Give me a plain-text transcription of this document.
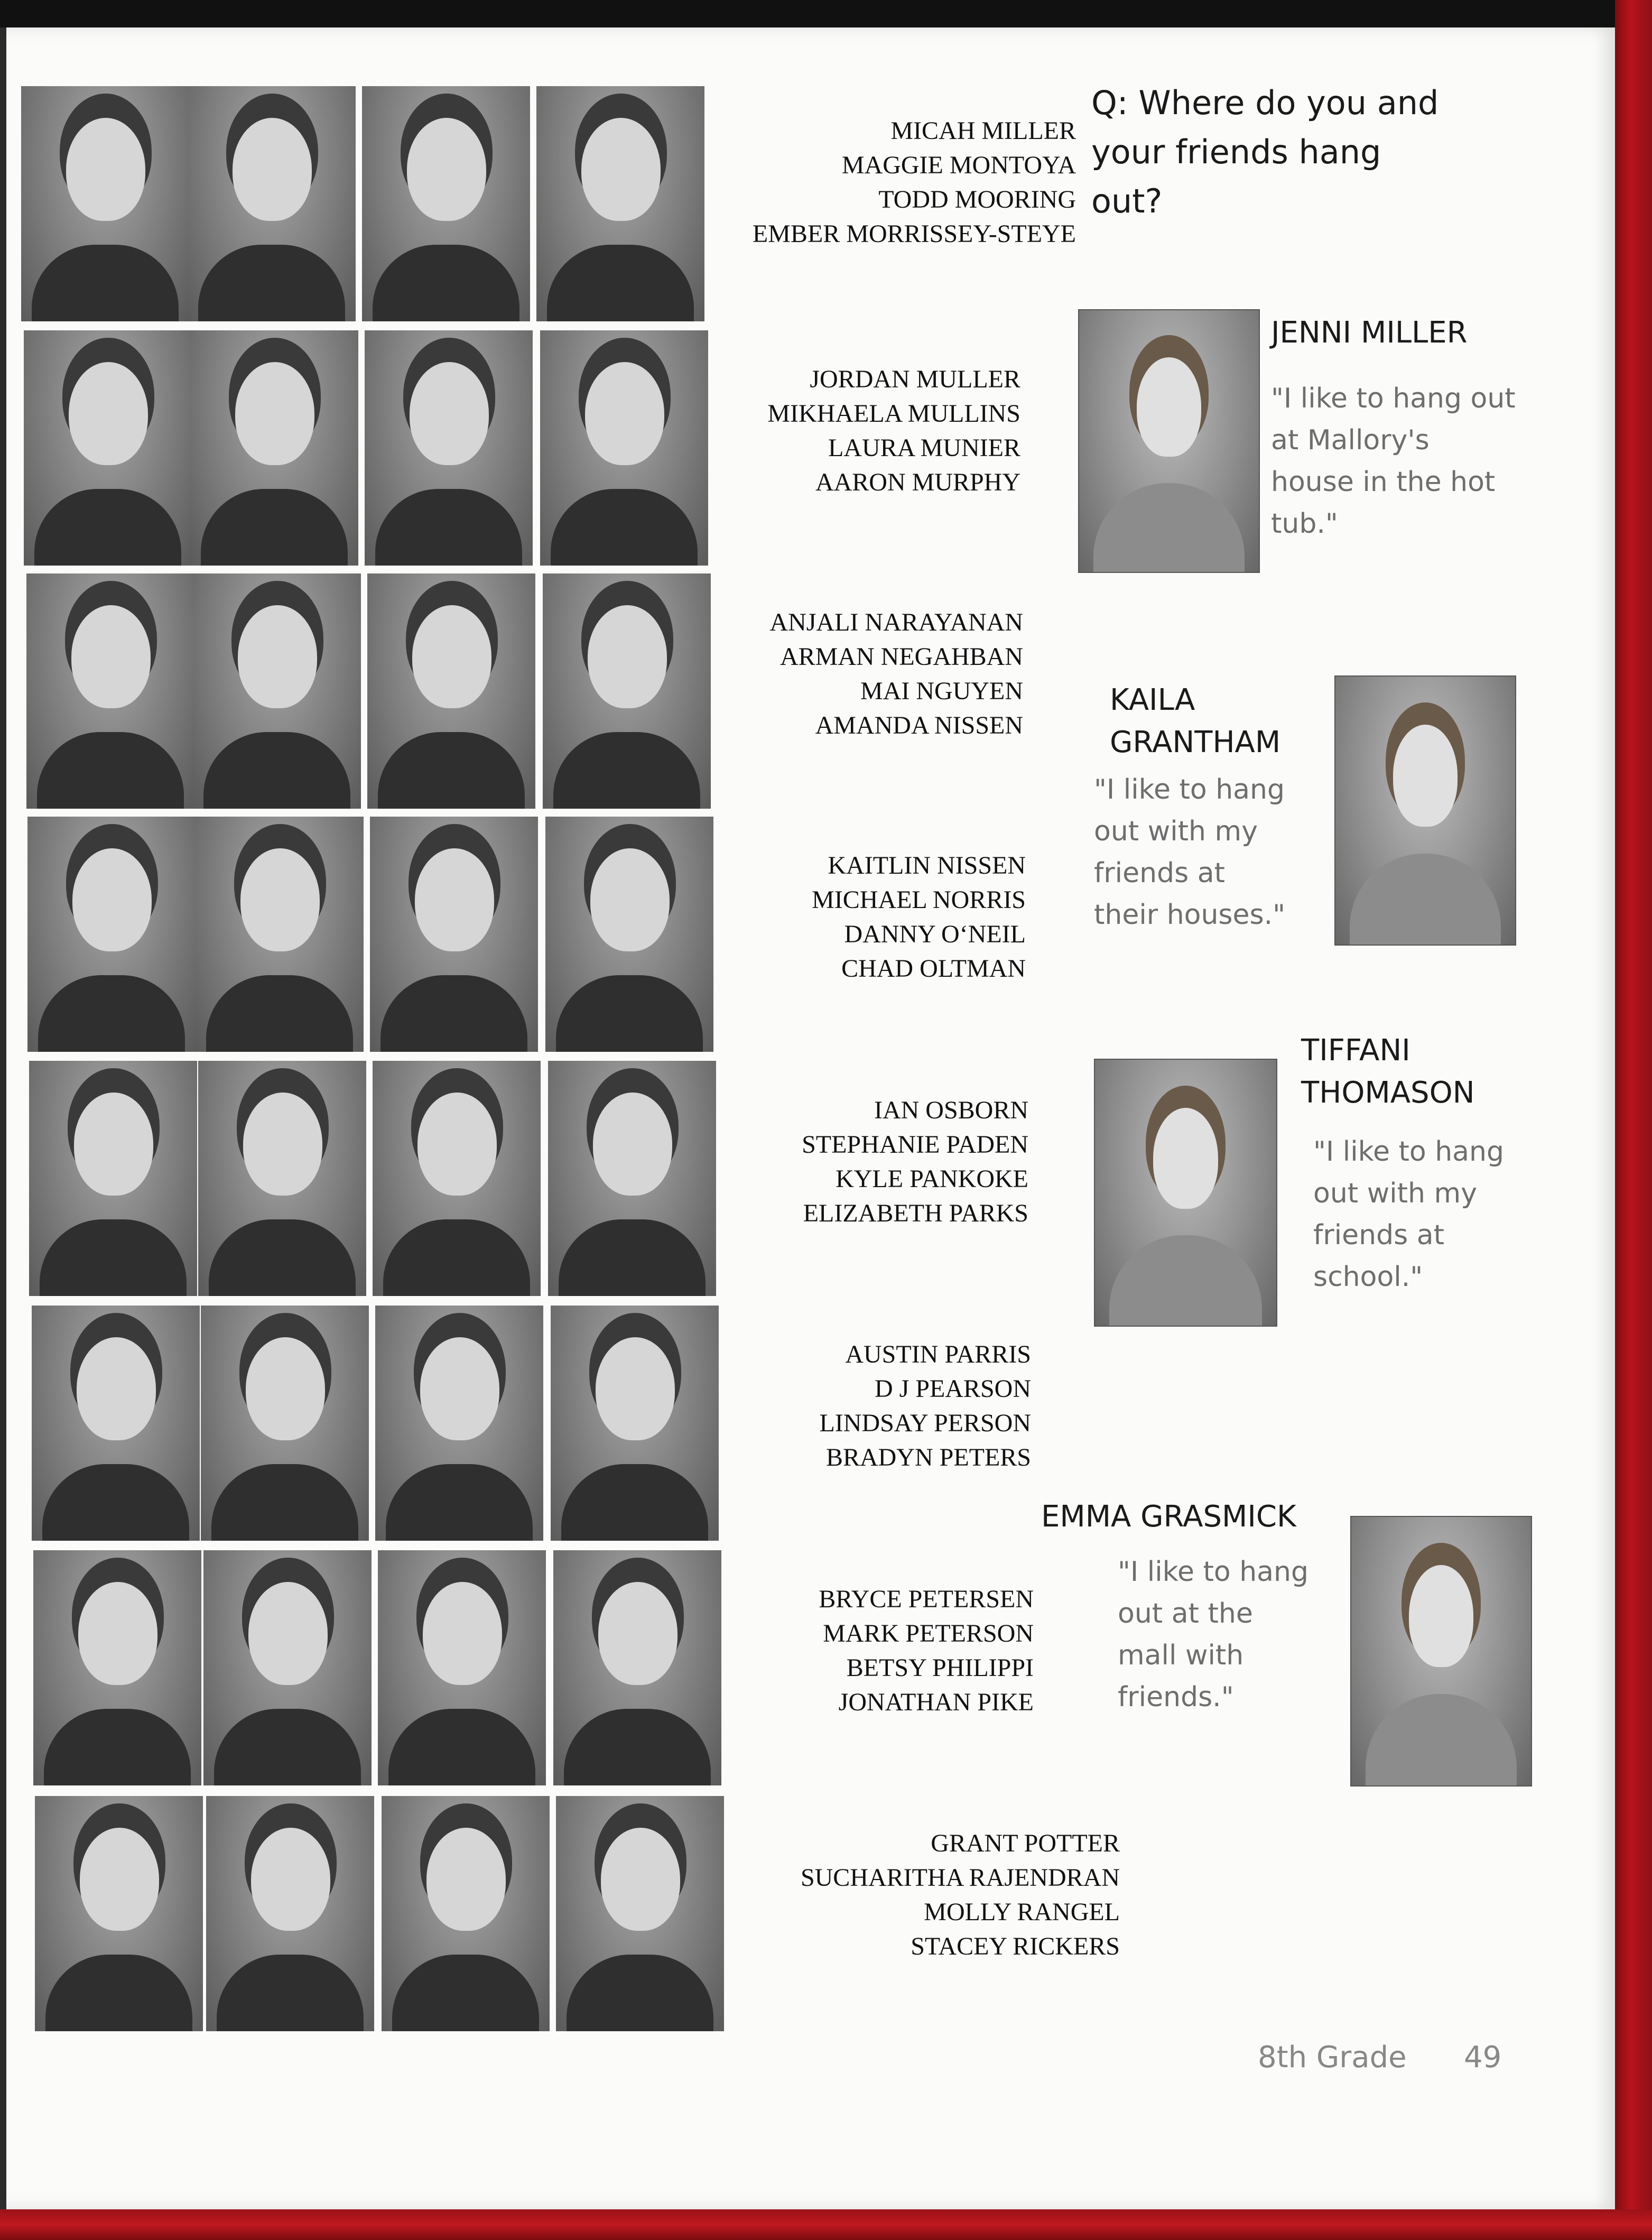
MICAH MILLER
MAGGIE MONTOYA
TODD MOORING
EMBER MORRISSEY-STEYE
JORDAN MULLER
MIKHAELA MULLINS
LAURA MUNIER
AARON MURPHY
ANJALI NARAYANAN
ARMAN NEGAHBAN
MAI NGUYEN
AMANDA NISSEN
KAITLIN NISSEN
MICHAEL NORRIS
DANNY O‘NEIL
CHAD OLTMAN
IAN OSBORN
STEPHANIE PADEN
KYLE PANKOKE
ELIZABETH PARKS
AUSTIN PARRIS
D J PEARSON
LINDSAY PERSON
BRADYN PETERS
BRYCE PETERSEN
MARK PETERSON
BETSY PHILIPPI
JONATHAN PIKE
GRANT POTTER
SUCHARITHA RAJENDRAN
MOLLY RANGEL
STACEY RICKERS
Q: Where do you and
your friends hang
out?
JENNI MILLER
"I like to hang out
at Mallory's
house in the hot
tub."
KAILA
GRANTHAM
"I like to hang
out with my
friends at
their houses."
TIFFANI
THOMASON
"I like to hang
out with my
friends at
school."
EMMA GRASMICK
"I like to hang
out at the
mall with
friends."
8th Grade 49
